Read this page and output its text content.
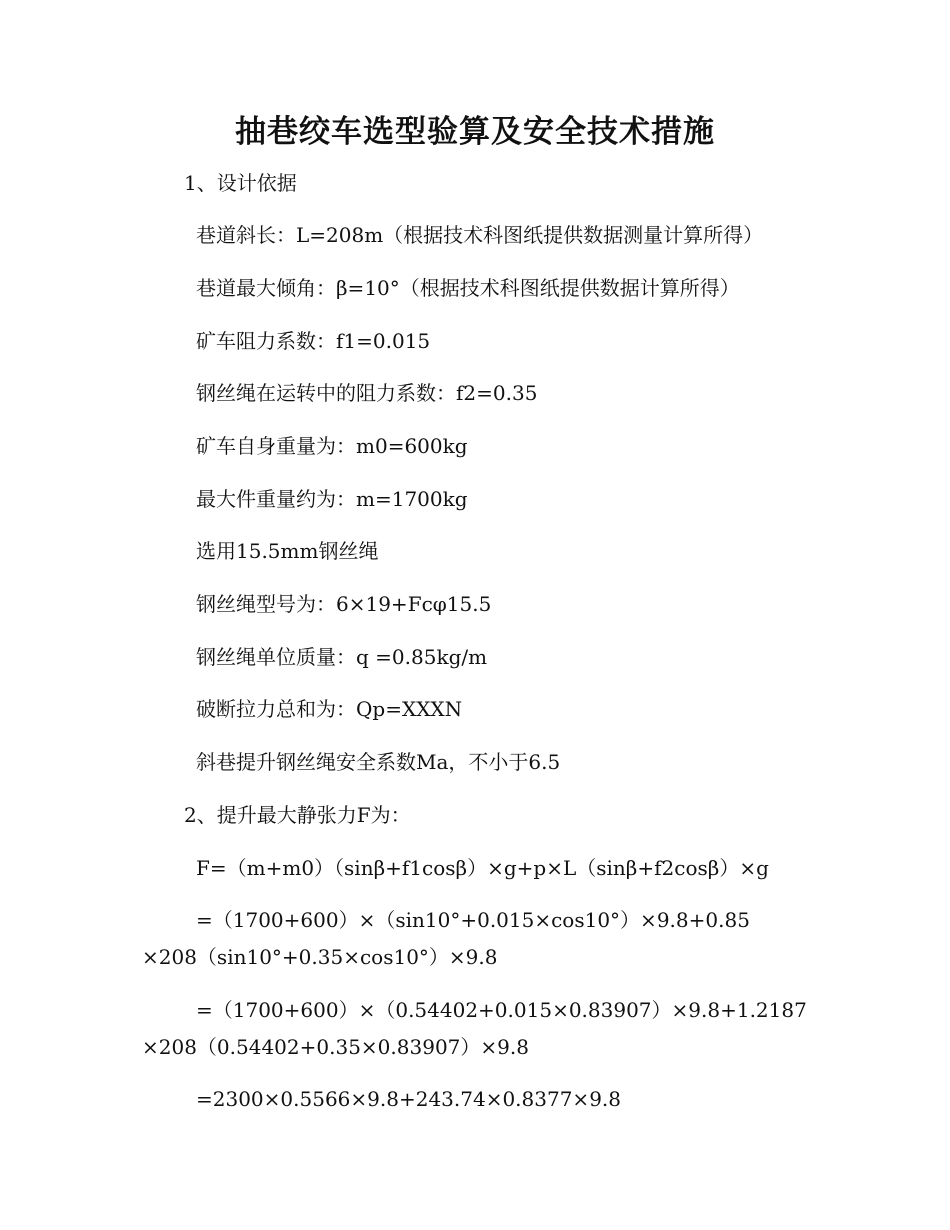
抽巷绞车选型验算及安全技术措施
1、设计依据
巷道斜长：L=208m（根据技术科图纸提供数据测量计算所得）
巷道最大倾角：β=10°（根据技术科图纸提供数据计算所得）
矿车阻力系数：f1=0.015
钢丝绳在运转中的阻力系数：f2=0.35
矿车自身重量为：m0=600kg
最大件重量约为：m=1700kg
选用15.5mm钢丝绳
钢丝绳型号为：6×19+Fcφ15.5
钢丝绳单位质量：q =0.85kg/m
破断拉力总和为：Qp=XXXN
斜巷提升钢丝绳安全系数Ma，不小于6.5
2、提升最大静张力F为：
F=（m+m0）（sinβ+f1cosβ）×g+p×L（sinβ+f2cosβ）×g
=（1700+600）×（sin10°+0.015×cos10°）×9.8+0.85
×208（sin10°+0.35×cos10°）×9.8
=（1700+600）×（0.54402+0.015×0.83907）×9.8+1.2187
×208（0.54402+0.35×0.83907）×9.8
=2300×0.5566×9.8+243.74×0.8377×9.8
